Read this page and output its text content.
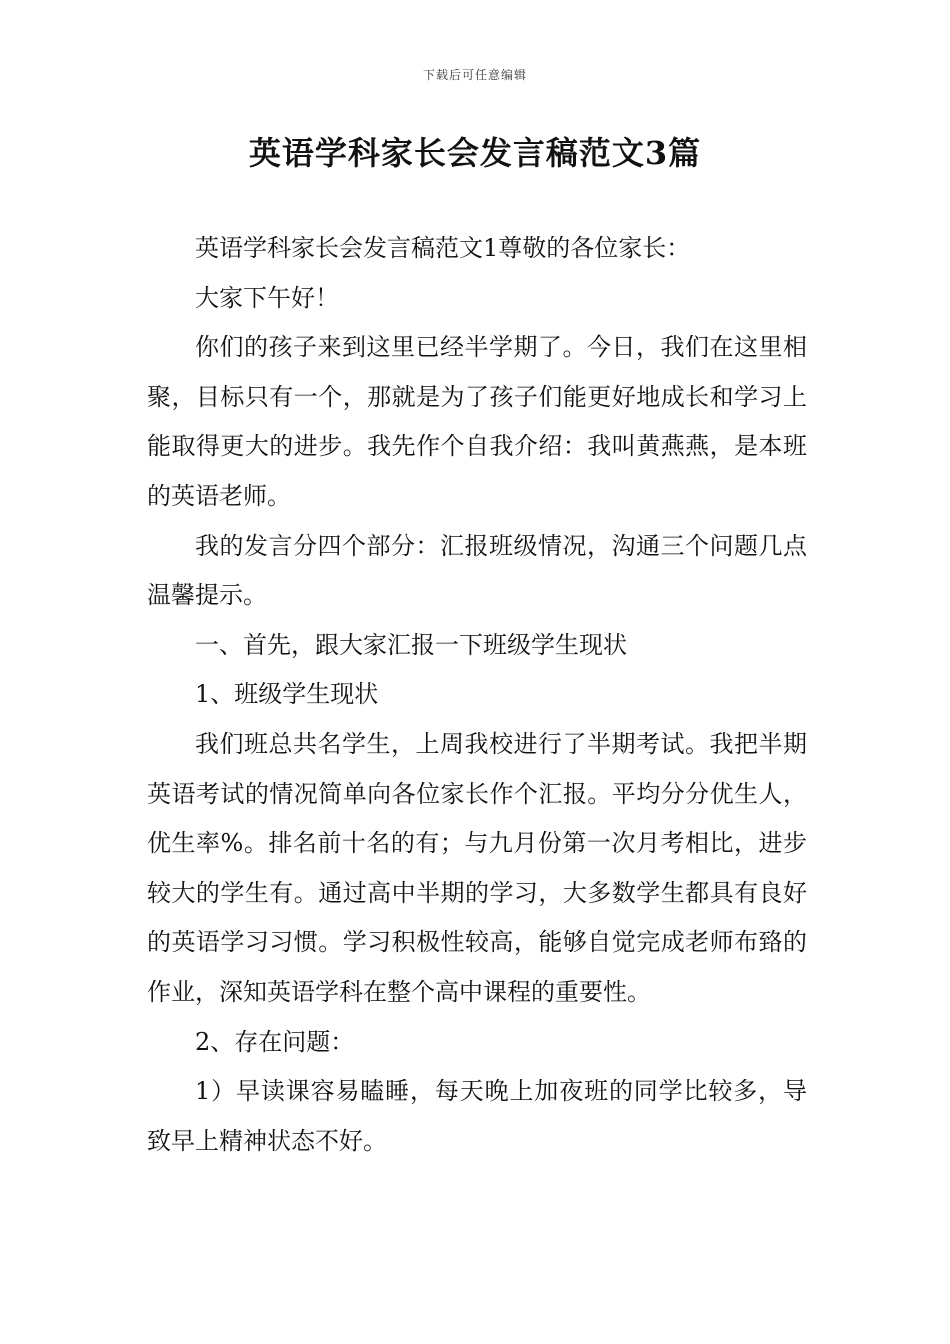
下载后可任意编辑
英语学科家长会发言稿范文3篇

英语学科家长会发言稿范文1尊敬的各位家长：

大家下午好！

你们的孩子来到这里已经半学期了。今日，我们在这里相聚，目标只有一个，那就是为了孩子们能更好地成长和学习上能取得更大的进步。我先作个自我介绍：我叫黄燕燕，是本班的英语老师。

我的发言分四个部分：汇报班级情况，沟通三个问题几点温馨提示。

一、首先，跟大家汇报一下班级学生现状

1、班级学生现状

我们班总共名学生，上周我校进行了半期考试。我把半期英语考试的情况简单向各位家长作个汇报。平均分分优生人，优生率%。排名前十名的有；与九月份第一次月考相比，进步较大的学生有。通过高中半期的学习，大多数学生都具有良好的英语学习习惯。学习积极性较高，能够自觉完成老师布臵的作业，深知英语学科在整个高中课程的重要性。

2、存在问题：

1）早读课容易瞌睡，每天晚上加夜班的同学比较多，导致早上精神状态不好。
